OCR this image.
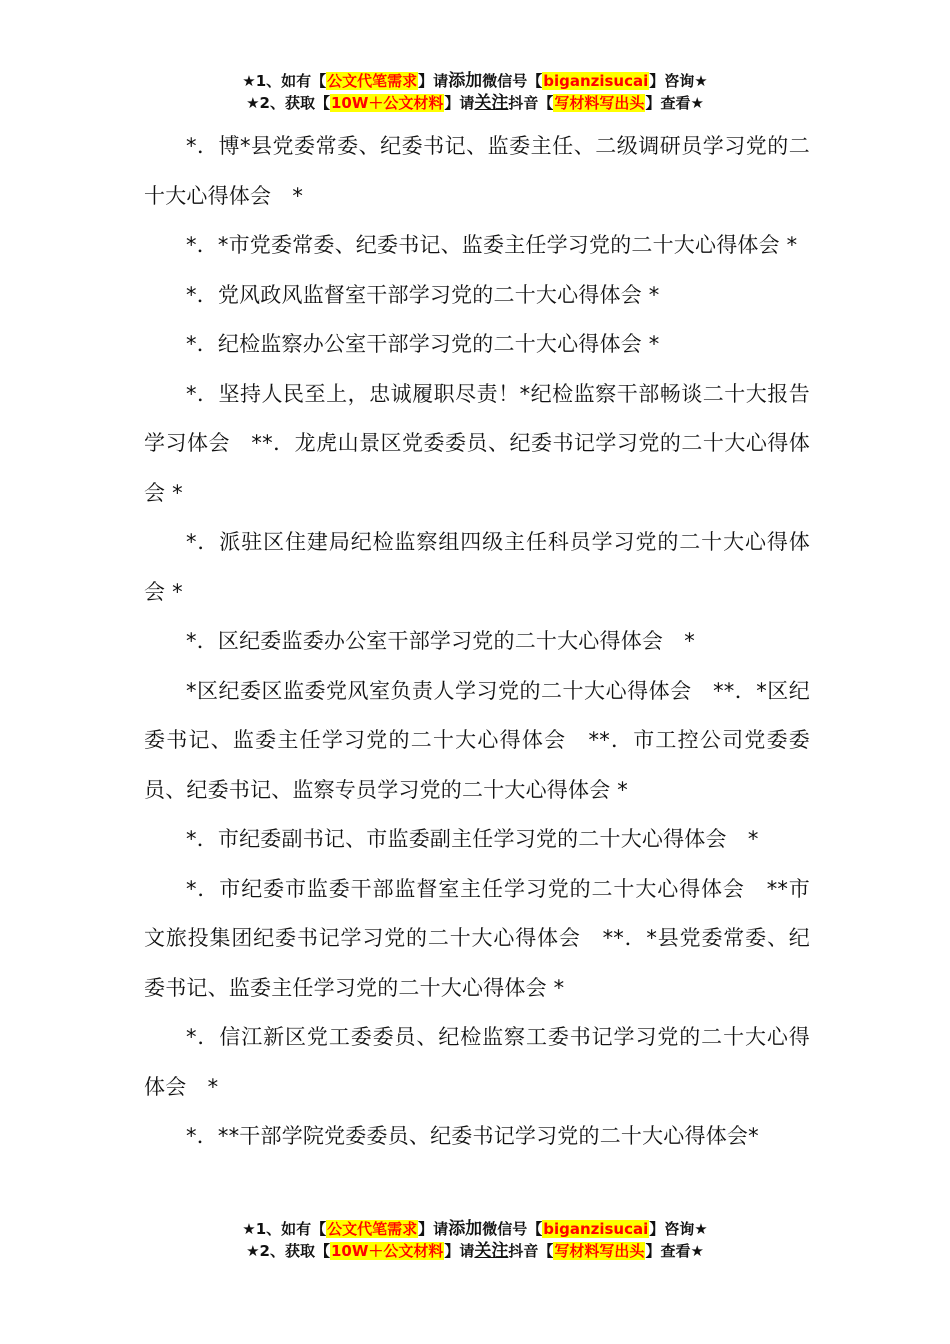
★1、如有【公文代笔需求】请添加微信号【biganzisucai】咨询★
★2、获取【10W＋公文材料】请关注抖音【写材料写出头】查看★

*．博*县党委常委、纪委书记、监委主任、二级调研员学习党的二十大心得体会　*

*．*市党委常委、纪委书记、监委主任学习党的二十大心得体会 *

*．党风政风监督室干部学习党的二十大心得体会 *

*．纪检监察办公室干部学习党的二十大心得体会 *

*．坚持人民至上，忠诚履职尽责！*纪检监察干部畅谈二十大报告学习体会　**．龙虎山景区党委委员、纪委书记学习党的二十大心得体会 *

*．派驻区住建局纪检监察组四级主任科员学习党的二十大心得体会 *

*．区纪委监委办公室干部学习党的二十大心得体会　*

*区纪委区监委党风室负责人学习党的二十大心得体会　**．*区纪委书记、监委主任学习党的二十大心得体会　**．市工控公司党委委员、纪委书记、监察专员学习党的二十大心得体会 *

*．市纪委副书记、市监委副主任学习党的二十大心得体会　*

*．市纪委市监委干部监督室主任学习党的二十大心得体会　**市文旅投集团纪委书记学习党的二十大心得体会　**．*县党委常委、纪委书记、监委主任学习党的二十大心得体会 *

*．信江新区党工委委员、纪检监察工委书记学习党的二十大心得体会　*

*．**干部学院党委委员、纪委书记学习党的二十大心得体会*

★1、如有【公文代笔需求】请添加微信号【biganzisucai】咨询★
★2、获取【10W＋公文材料】请关注抖音【写材料写出头】查看★
